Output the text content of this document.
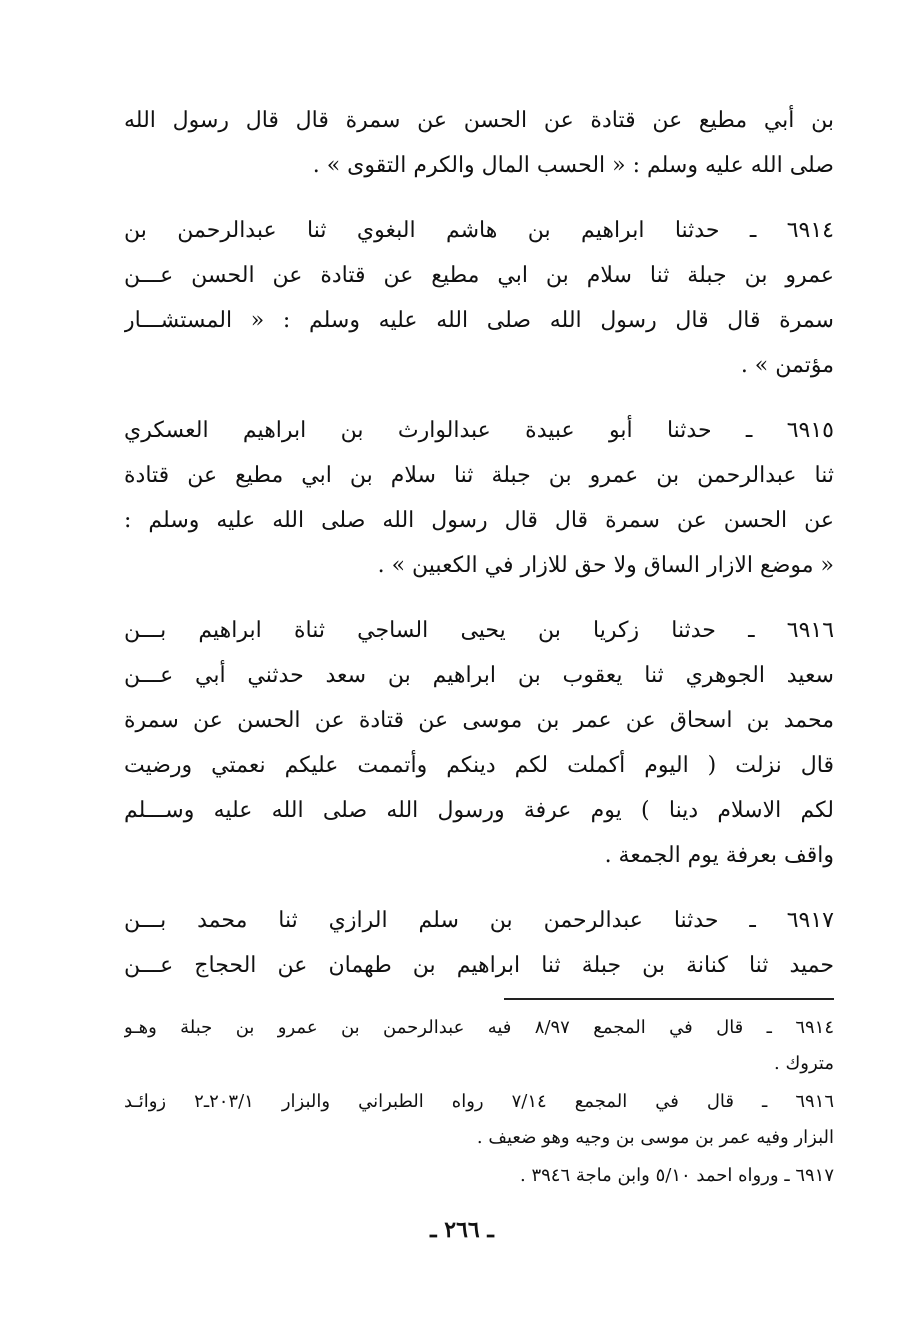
بن أبي مطيع عن قتادة عن الحسن عن سمرة قال قال رسول الله
صلى الله عليه وسلم : « الحسب المال والكرم التقوى » .
٦٩١٤ ـ حدثنا ابراهيم بن هاشم البغوي ثنا عبدالرحمن بن
عمرو بن جبلة ثنا سلام بن ابي مطيع عن قتادة عن الحسن عـــن
سمرة قال قال رسول الله صلى الله عليه وسلم : « المستشـــار
مؤتمن » .
٦٩١٥ ـ حدثنا أبو عبيدة عبدالوارث بن ابراهيم العسكري
ثنا عبدالرحمن بن عمرو بن جبلة ثنا سلام بن ابي مطيع عن قتادة
عن الحسن عن سمرة قال قال رسول الله صلى الله عليه وسلم :
« موضع الازار الساق ولا حق للازار في الكعبين » .
٦٩١٦ ـ حدثنا زكريا بن يحيى الساجي ثناة ابراهيم بـــن
سعيد الجوهري ثنا يعقوب بن ابراهيم بن سعد حدثني أبي عـــن
محمد بن اسحاق عن عمر بن موسى عن قتادة عن الحسن عن سمرة
قال نزلت ( اليوم أكملت لكم دينكم وأتممت عليكم نعمتي ورضيت
لكم الاسلام دينا ) يوم عرفة ورسول الله صلى الله عليه وســـلم
واقف بعرفة يوم الجمعة .
٦٩١٧ ـ حدثنا عبدالرحمن بن سلم الرازي ثنا محمد بـــن
حميد ثنا كنانة بن جبلة ثنا ابراهيم بن طهمان عن الحجاج عـــن
٦٩١٤ ـ قال في المجمع ٨/٩٧ فيه عبدالرحمن بن عمرو بن جبلة وهـو
متروك .
٦٩١٦ ـ قال في المجمع ٧/١٤ رواه الطبراني والبزار ٢٠٣/١ـ٢ زوائـد
البزار وفيه عمر بن موسى بن وجيه وهو ضعيف .
٦٩١٧ ـ ورواه احمد ٥/١٠ وابن ماجة ٣٩٤٦ .
ـ ٢٦٦ ـ
